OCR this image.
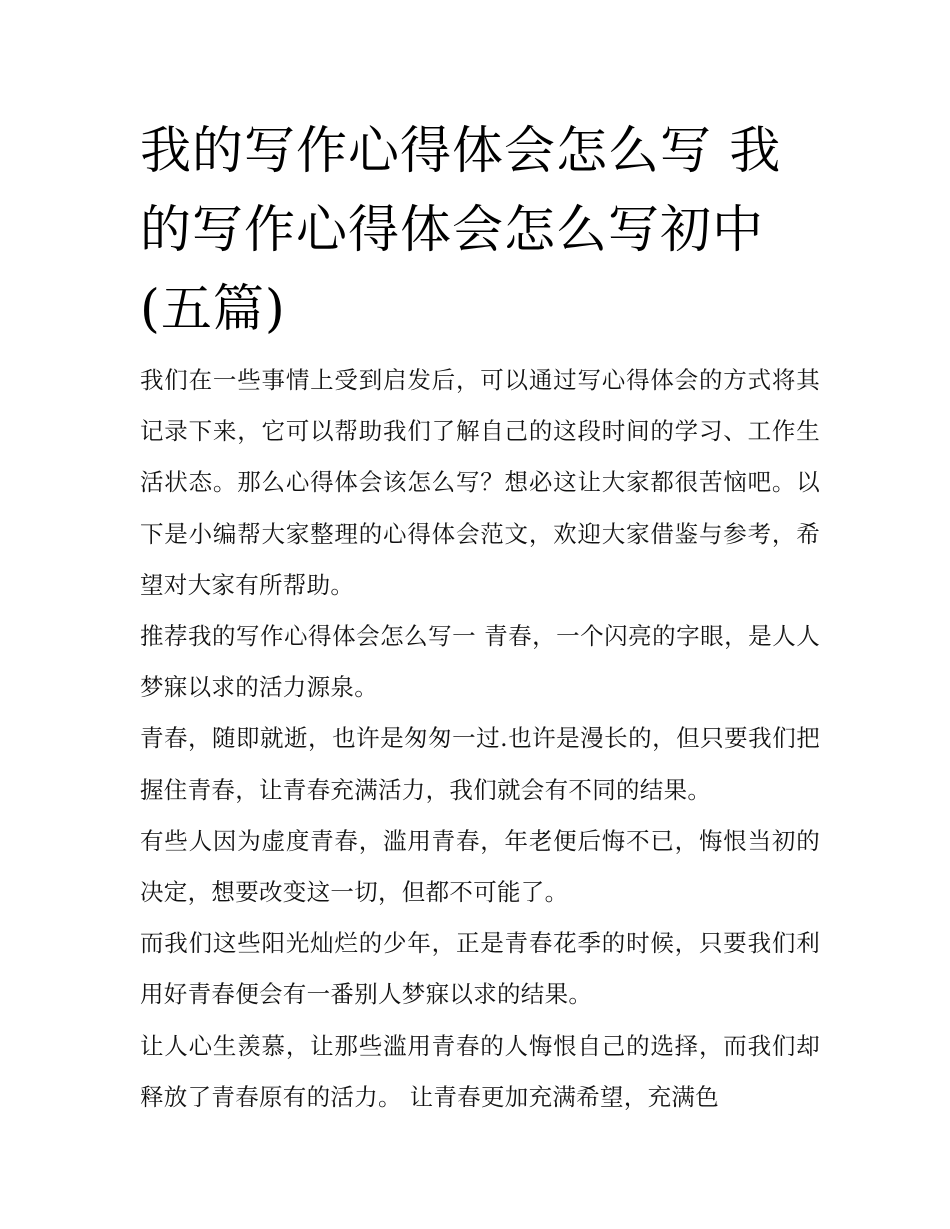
我的写作心得体会怎么写 我的写作心得体会怎么写初中(五篇)

我们在一些事情上受到启发后，可以通过写心得体会的方式将其记录下来，它可以帮助我们了解自己的这段时间的学习、工作生活状态。那么心得体会该怎么写？想必这让大家都很苦恼吧。以下是小编帮大家整理的心得体会范文，欢迎大家借鉴与参考，希望对大家有所帮助。

推荐我的写作心得体会怎么写一 青春，一个闪亮的字眼，是人人梦寐以求的活力源泉。

青春，随即就逝，也许是匆匆一过.也许是漫长的，但只要我们把握住青春，让青春充满活力，我们就会有不同的结果。

有些人因为虚度青春，滥用青春，年老便后悔不已，悔恨当初的决定，想要改变这一切，但都不可能了。

而我们这些阳光灿烂的少年，正是青春花季的时候，只要我们利用好青春便会有一番别人梦寐以求的结果。

让人心生羡慕，让那些滥用青春的人悔恨自己的选择，而我们却释放了青春原有的活力。 让青春更加充满希望，充满色
